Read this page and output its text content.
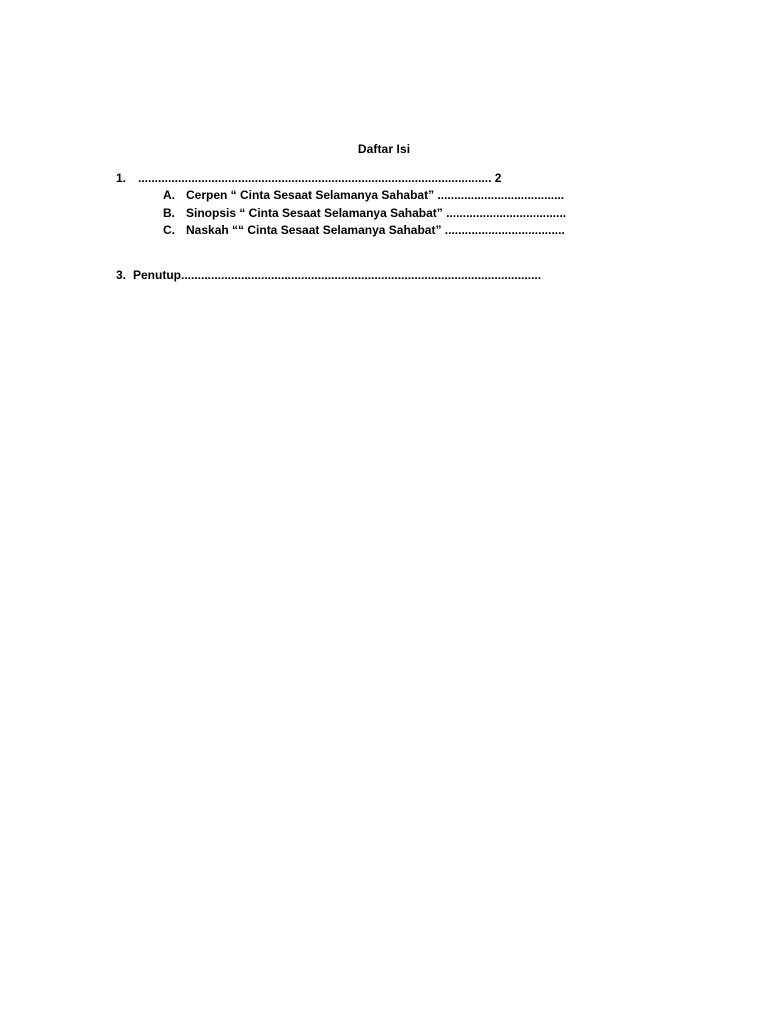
Daftar Isi
1. .......................................................................................................... 2
A. Cerpen “ Cinta Sesaat Selamanya Sahabat” ......................................
B. Sinopsis “ Cinta Sesaat Selamanya Sahabat” ....................................
C. Naskah ““ Cinta Sesaat Selamanya Sahabat” ....................................
3. Penutup............................................................................................................
